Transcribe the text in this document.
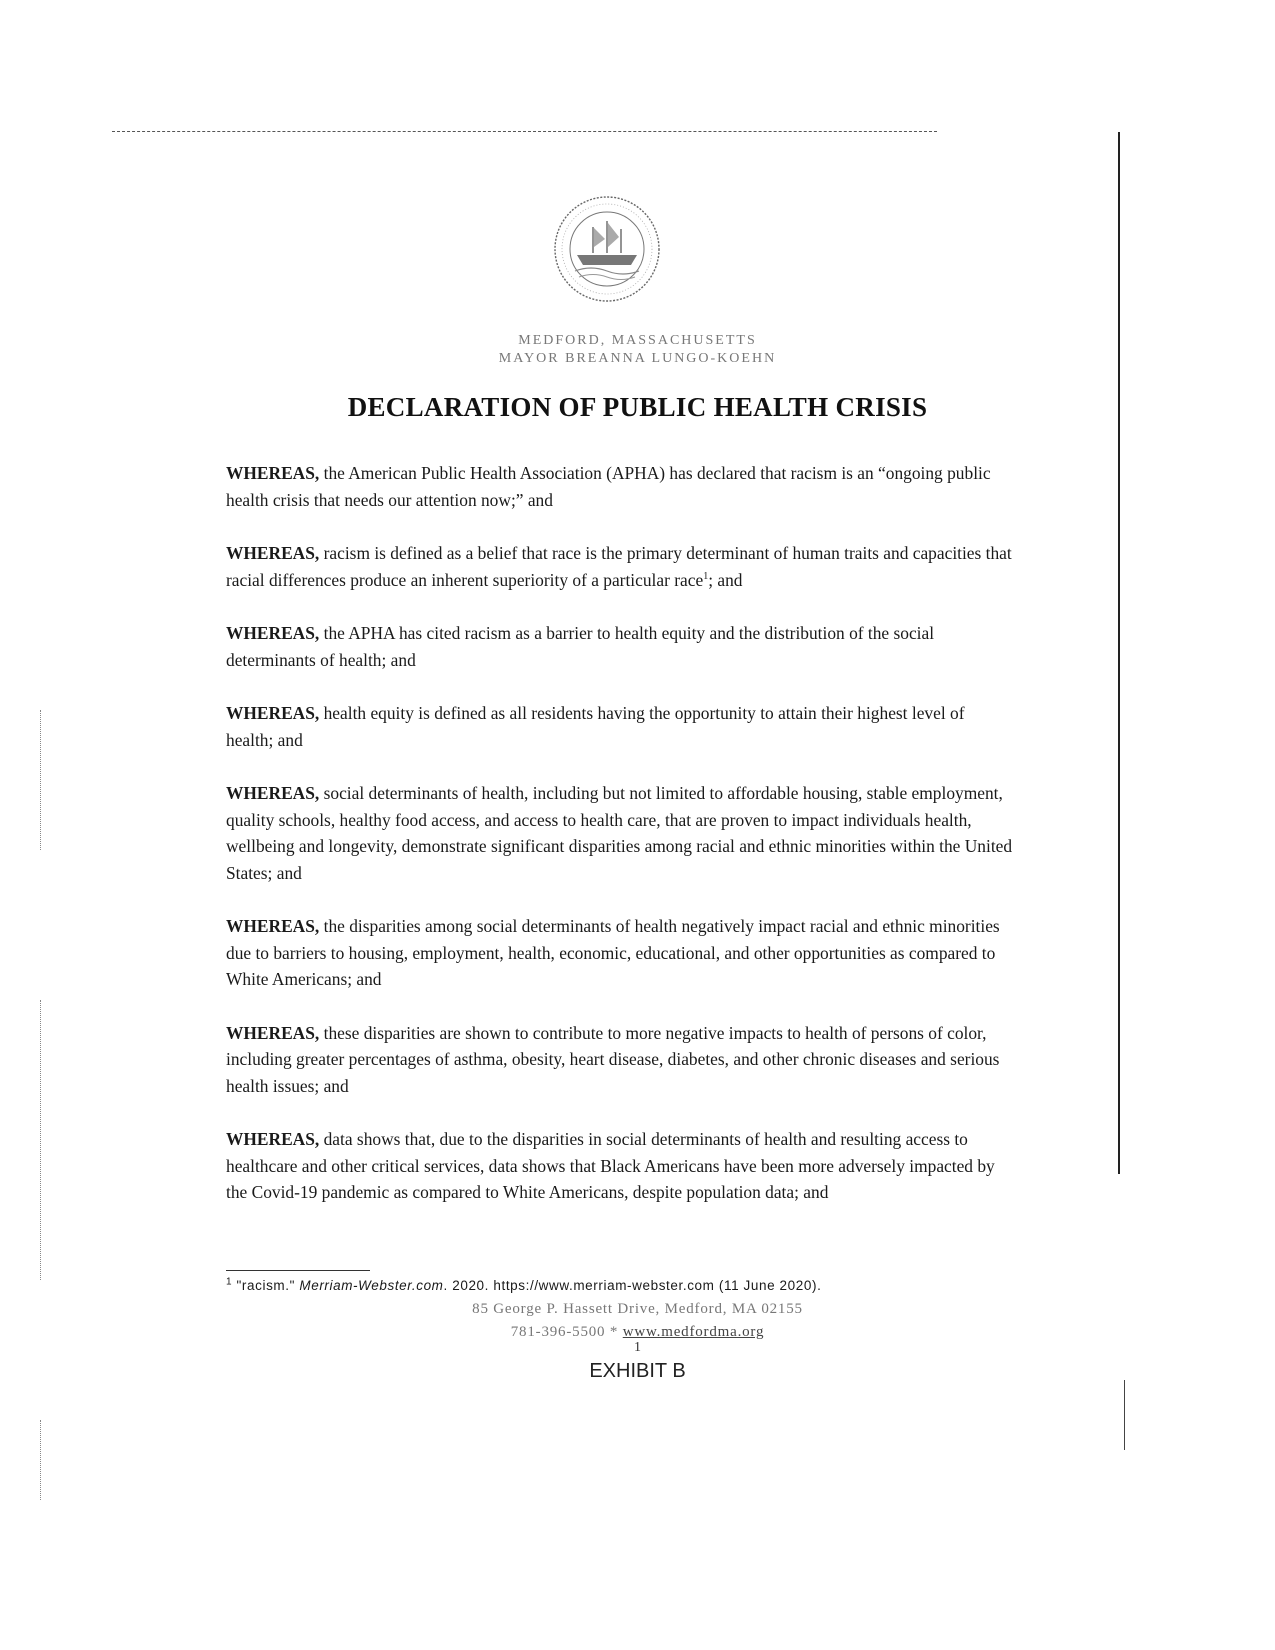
MEDFORD, MASSACHUSETTS
MAYOR BREANNA LUNGO-KOEHN
DECLARATION OF PUBLIC HEALTH CRISIS

WHEREAS, the American Public Health Association (APHA) has declared that racism is an “ongoing public health crisis that needs our attention now;” and

WHEREAS, racism is defined as a belief that race is the primary determinant of human traits and capacities that racial differences produce an inherent superiority of a particular race$^1$; and

WHEREAS, the APHA has cited racism as a barrier to health equity and the distribution of the social determinants of health; and

WHEREAS, health equity is defined as all residents having the opportunity to attain their highest level of health; and

WHEREAS, social determinants of health, including but not limited to affordable housing, stable employment, quality schools, healthy food access, and access to health care, that are proven to impact individuals health, wellbeing and longevity, demonstrate significant disparities among racial and ethnic minorities within the United States; and

WHEREAS, the disparities among social determinants of health negatively impact racial and ethnic minorities due to barriers to housing, employment, health, economic, educational, and other opportunities as compared to White Americans; and

WHEREAS, these disparities are shown to contribute to more negative impacts to health of persons of color, including greater percentages of asthma, obesity, heart disease, diabetes, and other chronic diseases and serious health issues; and

WHEREAS, data shows that, due to the disparities in social determinants of health and resulting access to healthcare and other critical services, data shows that Black Americans have been more adversely impacted by the Covid-19 pandemic as compared to White Americans, despite population data; and

$^1$ "racism." Merriam-Webster.com. 2020. https://www.merriam-webster.com (11 June 2020).
85 George P. Hassett Drive, Medford, MA 02155
781-396-5500 * www.medfordma.org
1
EXHIBIT B
